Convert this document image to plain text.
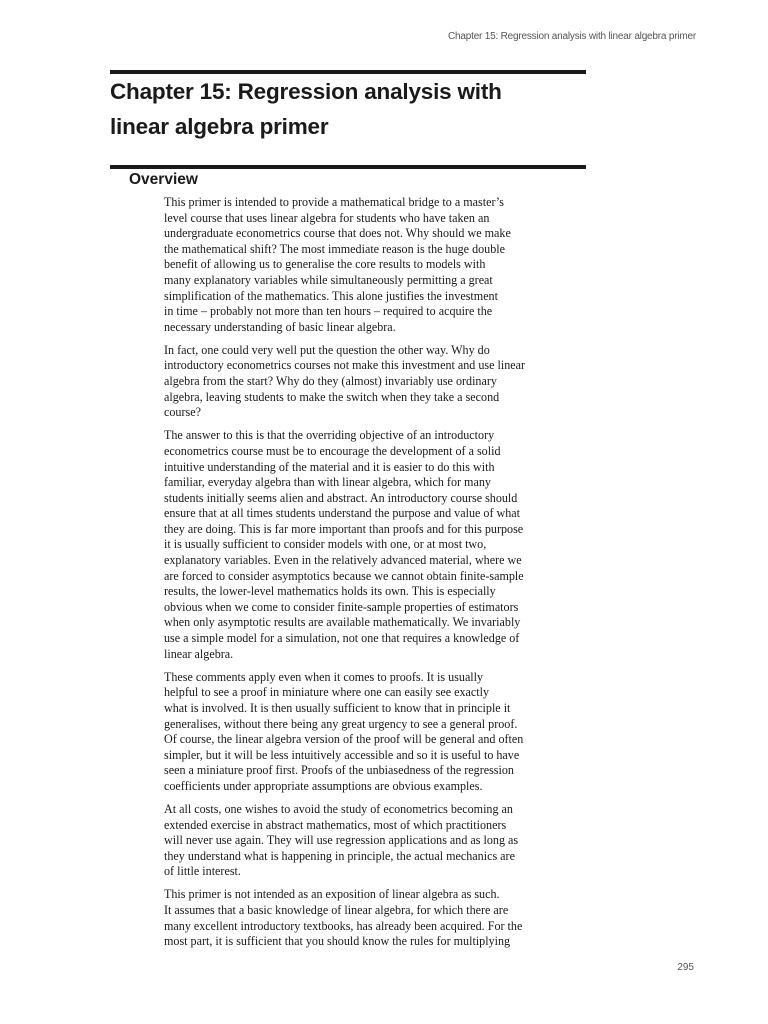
Chapter 15: Regression analysis with linear algebra primer
Chapter 15: Regression analysis with
linear algebra primer
Overview

This primer is intended to provide a mathematical bridge to a master’s
level course that uses linear algebra for students who have taken an
undergraduate econometrics course that does not. Why should we make
the mathematical shift? The most immediate reason is the huge double
benefit of allowing us to generalise the core results to models with
many explanatory variables while simultaneously permitting a great
simplification of the mathematics. This alone justifies the investment
in time – probably not more than ten hours – required to acquire the
necessary understanding of basic linear algebra.

In fact, one could very well put the question the other way. Why do
introductory econometrics courses not make this investment and use linear
algebra from the start? Why do they (almost) invariably use ordinary
algebra, leaving students to make the switch when they take a second
course?

The answer to this is that the overriding objective of an introductory
econometrics course must be to encourage the development of a solid
intuitive understanding of the material and it is easier to do this with
familiar, everyday algebra than with linear algebra, which for many
students initially seems alien and abstract. An introductory course should
ensure that at all times students understand the purpose and value of what
they are doing. This is far more important than proofs and for this purpose
it is usually sufficient to consider models with one, or at most two,
explanatory variables. Even in the relatively advanced material, where we
are forced to consider asymptotics because we cannot obtain finite-sample
results, the lower-level mathematics holds its own. This is especially
obvious when we come to consider finite-sample properties of estimators
when only asymptotic results are available mathematically. We invariably
use a simple model for a simulation, not one that requires a knowledge of
linear algebra.

These comments apply even when it comes to proofs. It is usually
helpful to see a proof in miniature where one can easily see exactly
what is involved. It is then usually sufficient to know that in principle it
generalises, without there being any great urgency to see a general proof.
Of course, the linear algebra version of the proof will be general and often
simpler, but it will be less intuitively accessible and so it is useful to have
seen a miniature proof first. Proofs of the unbiasedness of the regression
coefficients under appropriate assumptions are obvious examples.

At all costs, one wishes to avoid the study of econometrics becoming an
extended exercise in abstract mathematics, most of which practitioners
will never use again. They will use regression applications and as long as
they understand what is happening in principle, the actual mechanics are
of little interest.

This primer is not intended as an exposition of linear algebra as such.
It assumes that a basic knowledge of linear algebra, for which there are
many excellent introductory textbooks, has already been acquired. For the
most part, it is sufficient that you should know the rules for multiplying

295
